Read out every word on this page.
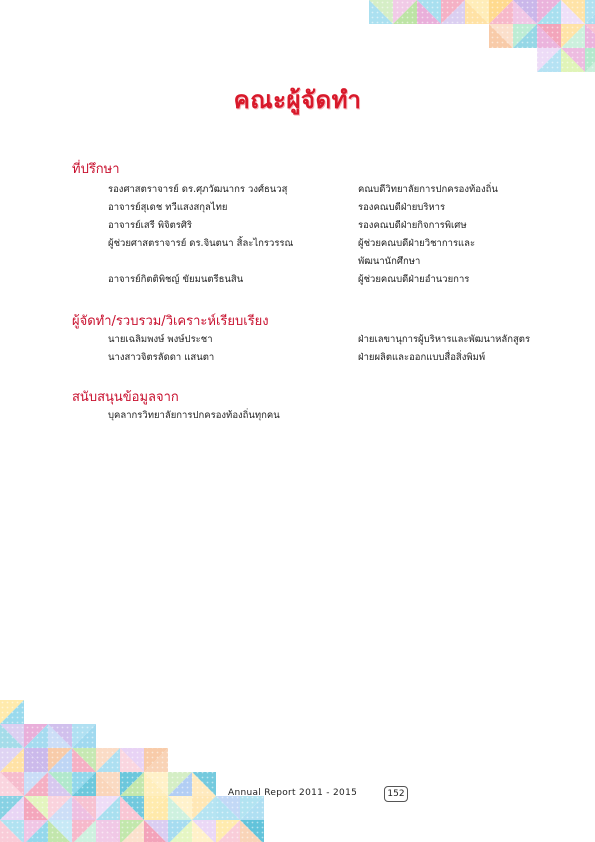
คณะผู้จัดทำ
ที่ปรึกษา
รองศาสตราจารย์ ดร.ศุภวัฒนากร วงศ์ธนวสุ	คณบดีวิทยาลัยการปกครองท้องถิ่น
อาจารย์สุเดช ทวีแสงสกุลไทย	รองคณบดีฝ่ายบริหาร
อาจารย์เสรี พิจิตรศิริ	รองคณบดีฝ่ายกิจการพิเศษ
ผู้ช่วยศาสตราจารย์ ดร.จินตนา สิ้ละไกรวรรณ	ผู้ช่วยคณบดีฝ่ายวิชาการและ
พัฒนานักศึกษา
อาจารย์กิตติพิชญ์ ขัยมนตรีธนสิน	ผู้ช่วยคณบดีฝ่ายอำนวยการ
ผู้จัดทำ/รวบรวม/วิเคราะห์เรียบเรียง
นายเฉลิมพงษ์ พงษ์ประชา	ฝ่ายเลขานุการผู้บริหารและพัฒนาหลักสูตร
นางสาวจิตรลัดดา แสนตา	ฝ่ายผลิตและออกแบบสื่อสิ่งพิมพ์
สนับสนุนข้อมูลจาก
บุคลากรวิทยาลัยการปกครองท้องถิ่นทุกคน
Annual Report 2011 - 2015	152
